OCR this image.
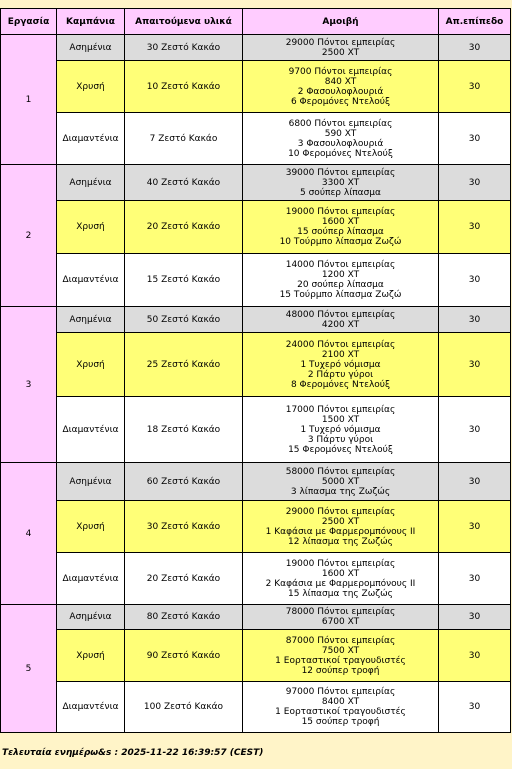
Εργασία	Καμπάνια	Απαιτούμενα υλικά	Αμοιβή	Απ.επίπεδο
1	Ασημένια	30 Ζεστό Κακάο	29000 Πόντοι εμπειρίας
2500 XT	30
	Χρυσή	10 Ζεστό Κακάο	9700 Πόντοι εμπειρίας
840 XT
2 Φασουλοφλουριά
6 Φερομόνες Ντελούξ	30
	Διαμαντένια	7 Ζεστό Κακάο	6800 Πόντοι εμπειρίας
590 XT
3 Φασουλοφλουριά
10 Φερομόνες Ντελούξ	30
2	Ασημένια	40 Ζεστό Κακάο	39000 Πόντοι εμπειρίας
3300 XT
5 σούπερ λίπασμα	30
	Χρυσή	20 Ζεστό Κακάο	19000 Πόντοι εμπειρίας
1600 XT
15 σούπερ λίπασμα
10 Τούρμπο λίπασμα Ζωζώ	30
	Διαμαντένια	15 Ζεστό Κακάο	14000 Πόντοι εμπειρίας
1200 XT
20 σούπερ λίπασμα
15 Τούρμπο λίπασμα Ζωζώ	30
3	Ασημένια	50 Ζεστό Κακάο	48000 Πόντοι εμπειρίας
4200 XT	30
	Χρυσή	25 Ζεστό Κακάο	24000 Πόντοι εμπειρίας
2100 XT
1 Τυχερό νόμισμα
2 Πάρτυ γύροι
8 Φερομόνες Ντελούξ	30
	Διαμαντένια	18 Ζεστό Κακάο	17000 Πόντοι εμπειρίας
1500 XT
1 Τυχερό νόμισμα
3 Πάρτυ γύροι
15 Φερομόνες Ντελούξ	30
4	Ασημένια	60 Ζεστό Κακάο	58000 Πόντοι εμπειρίας
5000 XT
3 λίπασμα της Ζωζώς	30
	Χρυσή	30 Ζεστό Κακάο	29000 Πόντοι εμπειρίας
2500 XT
1 Καφάσια με Φαρμερομπόνους II
12 λίπασμα της Ζωζώς	30
	Διαμαντένια	20 Ζεστό Κακάο	19000 Πόντοι εμπειρίας
1600 XT
2 Καφάσια με Φαρμερομπόνους II
15 λίπασμα της Ζωζώς	30
5	Ασημένια	80 Ζεστό Κακάο	78000 Πόντοι εμπειρίας
6700 XT	30
	Χρυσή	90 Ζεστό Κακάο	87000 Πόντοι εμπειρίας
7500 XT
1 Εορταστικοί τραγουδιστές
12 σούπερ τροφή	30
	Διαμαντένια	100 Ζεστό Κακάο	97000 Πόντοι εμπειρίας
8400 XT
1 Εορταστικοί τραγουδιστές
15 σούπερ τροφή	30
Τελευταία ενημέρω&s : 2025-11-22 16:39:57 (CEST)
